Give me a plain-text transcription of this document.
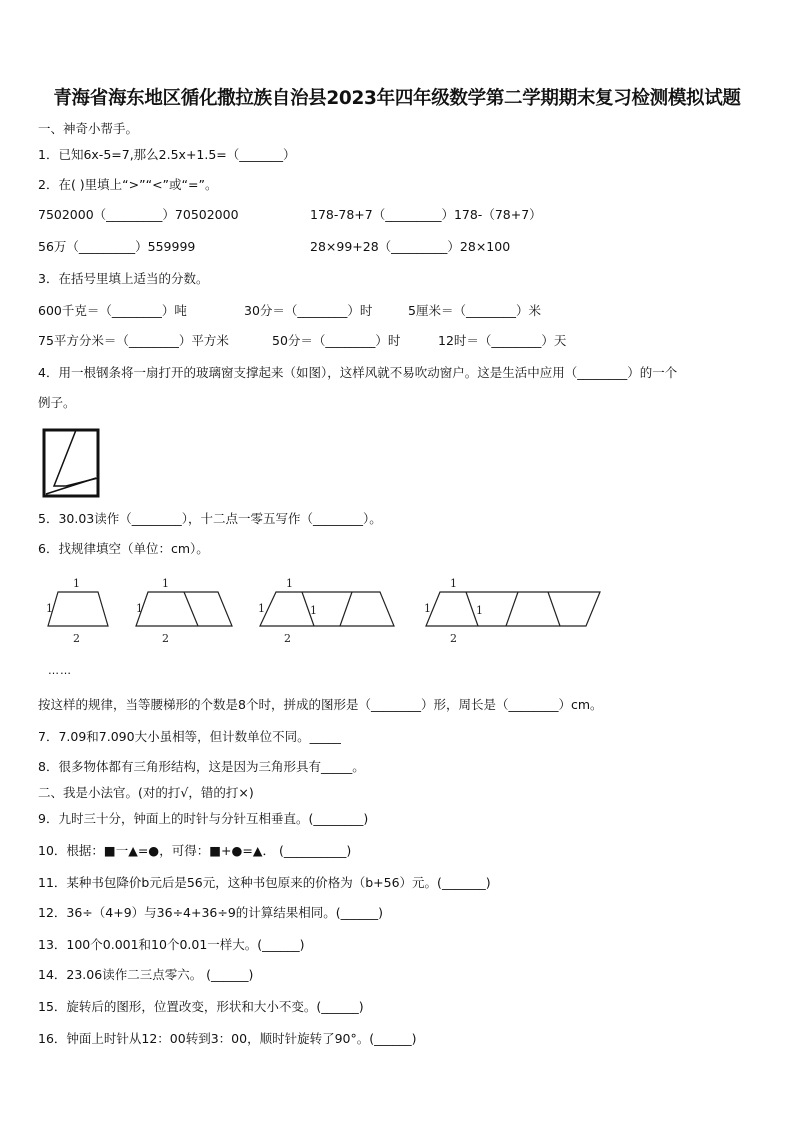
青海省海东地区循化撒拉族自治县2023年四年级数学第二学期期末复习检测模拟试题
一、神奇小帮手。
1．已知6x-5=7,那么2.5x+1.5=（_______）
2．在( )里填上“>”“<”或“=”。
7502000（_________）70502000	178-78+7（_________）178-（78+7）
56万（_________）559999	28×99+28（_________）28×100
3．在括号里填上适当的分数。
600千克＝（________）吨	30分＝（________）时	5厘米＝（________）米
75平方分米＝（________）平方米	50分＝（________）时	12时＝（________）天
4．用一根钢条将一扇打开的玻璃窗支撑起来（如图），这样风就不易吹动窗户。这是生活中应用（________）的一个
例子。
5．30.03读作（________），十二点一零五写作（________）。
6．找规律填空（单位：cm）。
1
1
2
1
1
2
1
1	1
2
1
1	1
2
……
按这样的规律，当等腰梯形的个数是8个时，拼成的图形是（________）形，周长是（________）cm。
7．7.09和7.090大小虽相等，但计数单位不同。_____
8．很多物体都有三角形结构，这是因为三角形具有_____。
二、我是小法官。(对的打√，错的打×)
9．九时三十分，钟面上的时针与分针互相垂直。(________)
10．根据：■一▲=●，可得：■+●=▲． (__________)
11．某种书包降价b元后是56元，这种书包原来的价格为（b+56）元。(_______)
12．36÷（4+9）与36÷4+36÷9的计算结果相同。(______)
13．100个0.001和10个0.01一样大。(______)
14．23.06读作二三点零六。 (______)
15．旋转后的图形，位置改变，形状和大小不变。(______)
16．钟面上时针从12：00转到3：00，顺时针旋转了90°。(______)
